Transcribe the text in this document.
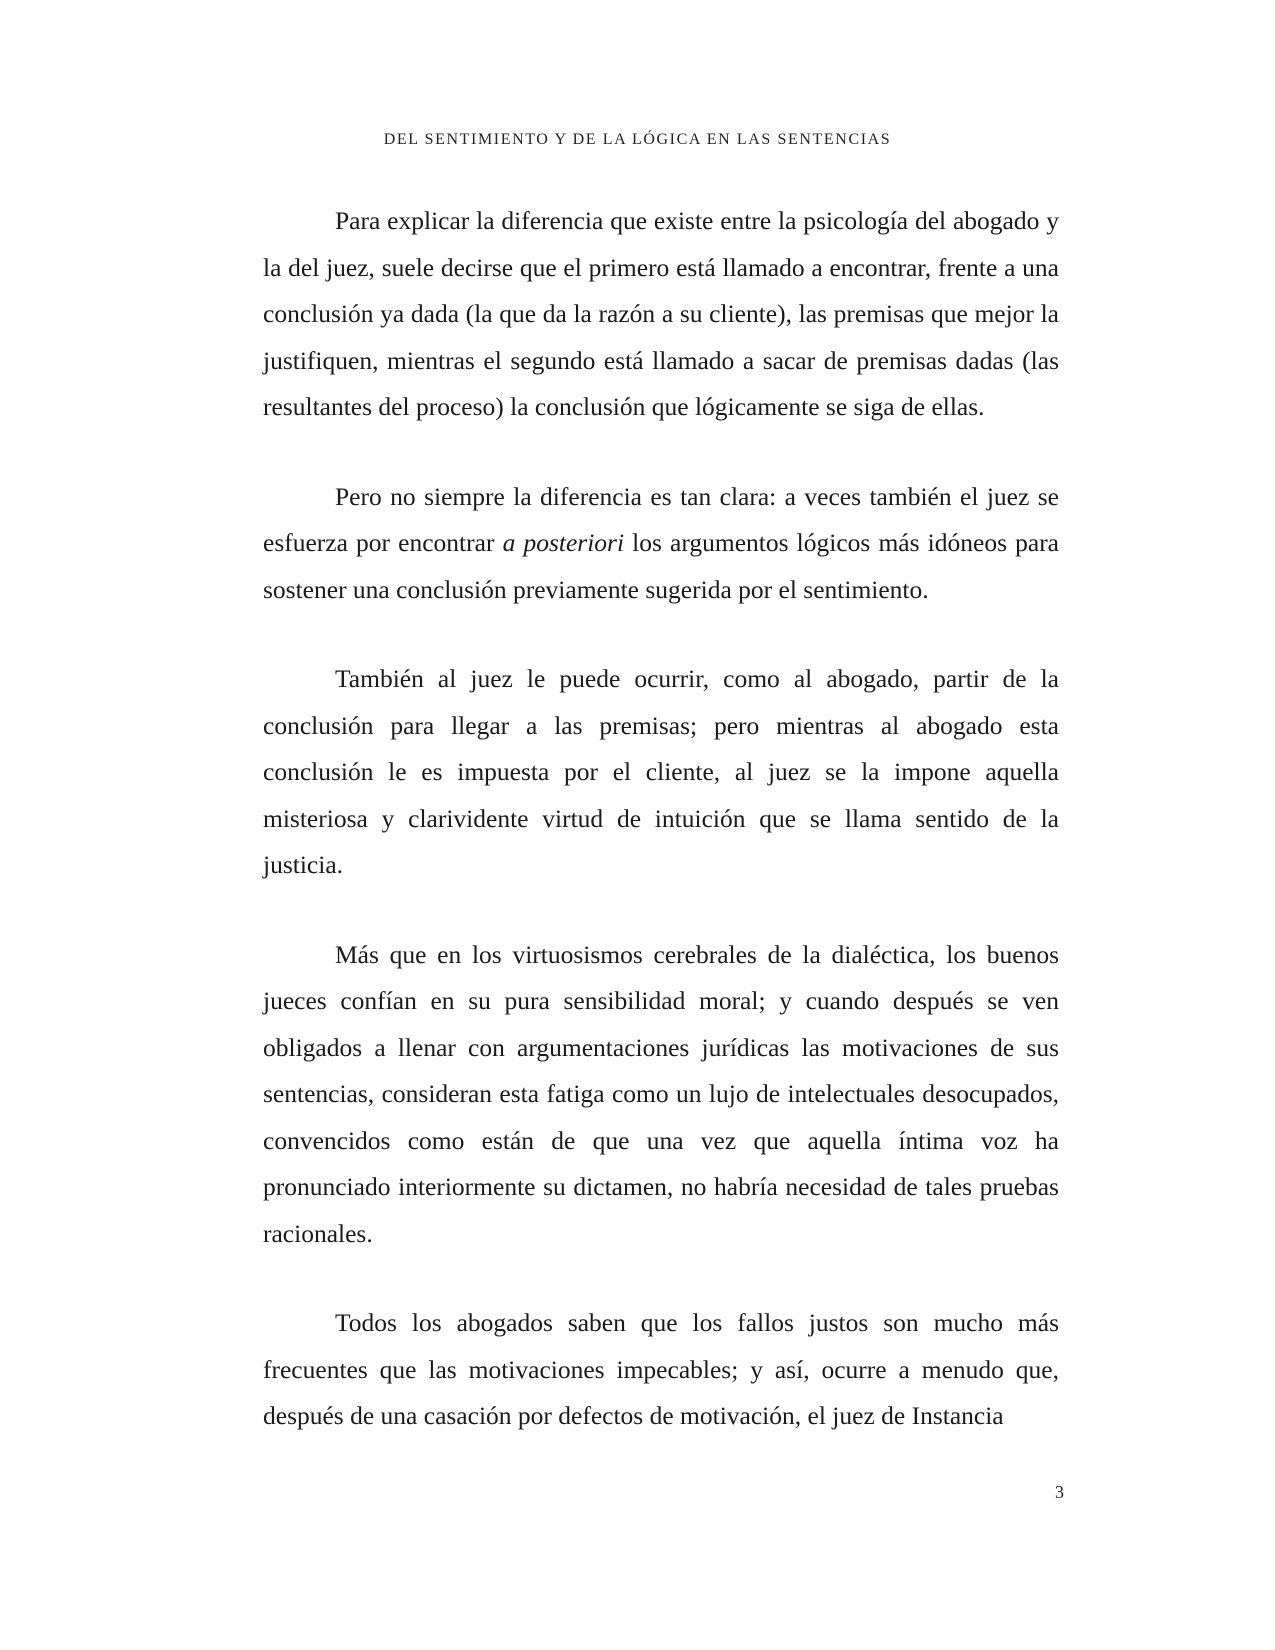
DEL SENTIMIENTO Y DE LA LÓGICA EN LAS SENTENCIAS

Para explicar la diferencia que existe entre la psicología del abogado y la del juez, suele decirse que el primero está llamado a encontrar, frente a una conclusión ya dada (la que da la razón a su cliente), las premisas que mejor la justifiquen, mientras el segundo está llamado a sacar de premisas dadas (las resultantes del proceso) la conclusión que lógicamente se siga de ellas.

Pero no siempre la diferencia es tan clara: a veces también el juez se esfuerza por encontrar a posteriori los argumentos lógicos más idóneos para sostener una conclusión previamente sugerida por el sentimiento.

También al juez le puede ocurrir, como al abogado, partir de la conclusión para llegar a las premisas; pero mientras al abogado esta conclusión le es impuesta por el cliente, al juez se la impone aquella misteriosa y clarividente virtud de intuición que se llama sentido de la justicia.

Más que en los virtuosismos cerebrales de la dialéctica, los buenos jueces confían en su pura sensibilidad moral; y cuando después se ven obligados a llenar con argumentaciones jurídicas las motivaciones de sus sentencias, consideran esta fatiga como un lujo de intelectuales desocupados, convencidos como están de que una vez que aquella íntima voz ha pronunciado interiormente su dictamen, no habría necesidad de tales pruebas racionales.

Todos los abogados saben que los fallos justos son mucho más frecuentes que las motivaciones impecables; y así, ocurre a menudo que, después de una casación por defectos de motivación, el juez de Instancia

3
